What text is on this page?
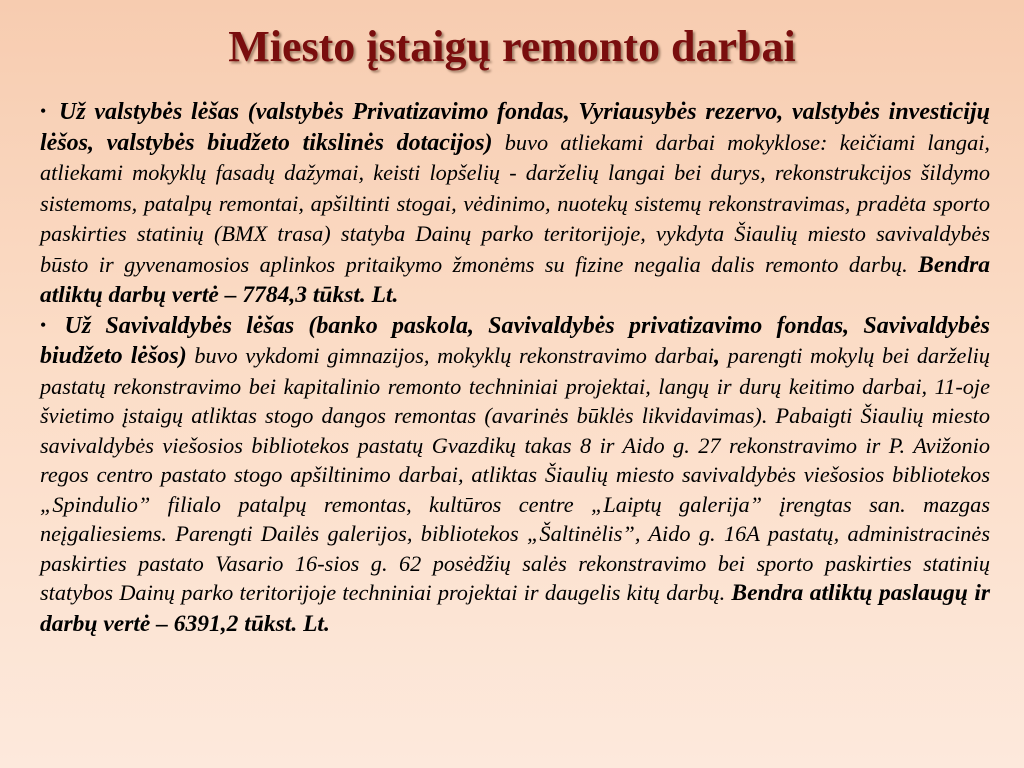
Miesto įstaigų remonto darbai

• Už valstybės lėšas (valstybės Privatizavimo fondas, Vyriausybės rezervo, valstybės investicijų lėšos, valstybės biudžeto tikslinės dotacijos) buvo atliekami darbai mokyklose: keičiami langai, atliekami mokyklų fasadų dažymai, keisti lopšelių - darželių langai bei durys, rekonstrukcijos šildymo sistemoms, patalpų remontai, apšiltinti stogai, vėdinimo, nuotekų sistemų rekonstravimas, pradėta sporto paskirties statinių (BMX trasa) statyba Dainų parko teritorijoje, vykdyta Šiaulių miesto savivaldybės būsto ir gyvenamosios aplinkos pritaikymo žmonėms su fizine negalia dalis remonto darbų. Bendra atliktų darbų vertė – 7784,3 tūkst. Lt.

• Už Savivaldybės lėšas (banko paskola, Savivaldybės privatizavimo fondas, Savivaldybės biudžeto lėšos) buvo vykdomi gimnazijos, mokyklų rekonstravimo darbai, parengti mokylų bei darželių pastatų rekonstravimo bei kapitalinio remonto techniniai projektai, langų ir durų keitimo darbai, 11-oje švietimo įstaigų atliktas stogo dangos remontas (avarinės būklės likvidavimas). Pabaigti Šiaulių miesto savivaldybės viešosios bibliotekos pastatų Gvazdikų takas 8 ir Aido g. 27 rekonstravimo ir P. Avižonio regos centro pastato stogo apšiltinimo darbai, atliktas Šiaulių miesto savivaldybės viešosios bibliotekos „Spindulio” filialo patalpų remontas, kultūros centre „Laiptų galerija” įrengtas san. mazgas neįgaliesiems. Parengti Dailės galerijos, bibliotekos „Šaltinėlis”, Aido g. 16A pastatų, administracinės paskirties pastato Vasario 16-sios g. 62 posėdžių salės rekonstravimo bei sporto paskirties statinių statybos Dainų parko teritorijoje techniniai projektai ir daugelis kitų darbų. Bendra atliktų paslaugų ir darbų vertė – 6391,2 tūkst. Lt.
